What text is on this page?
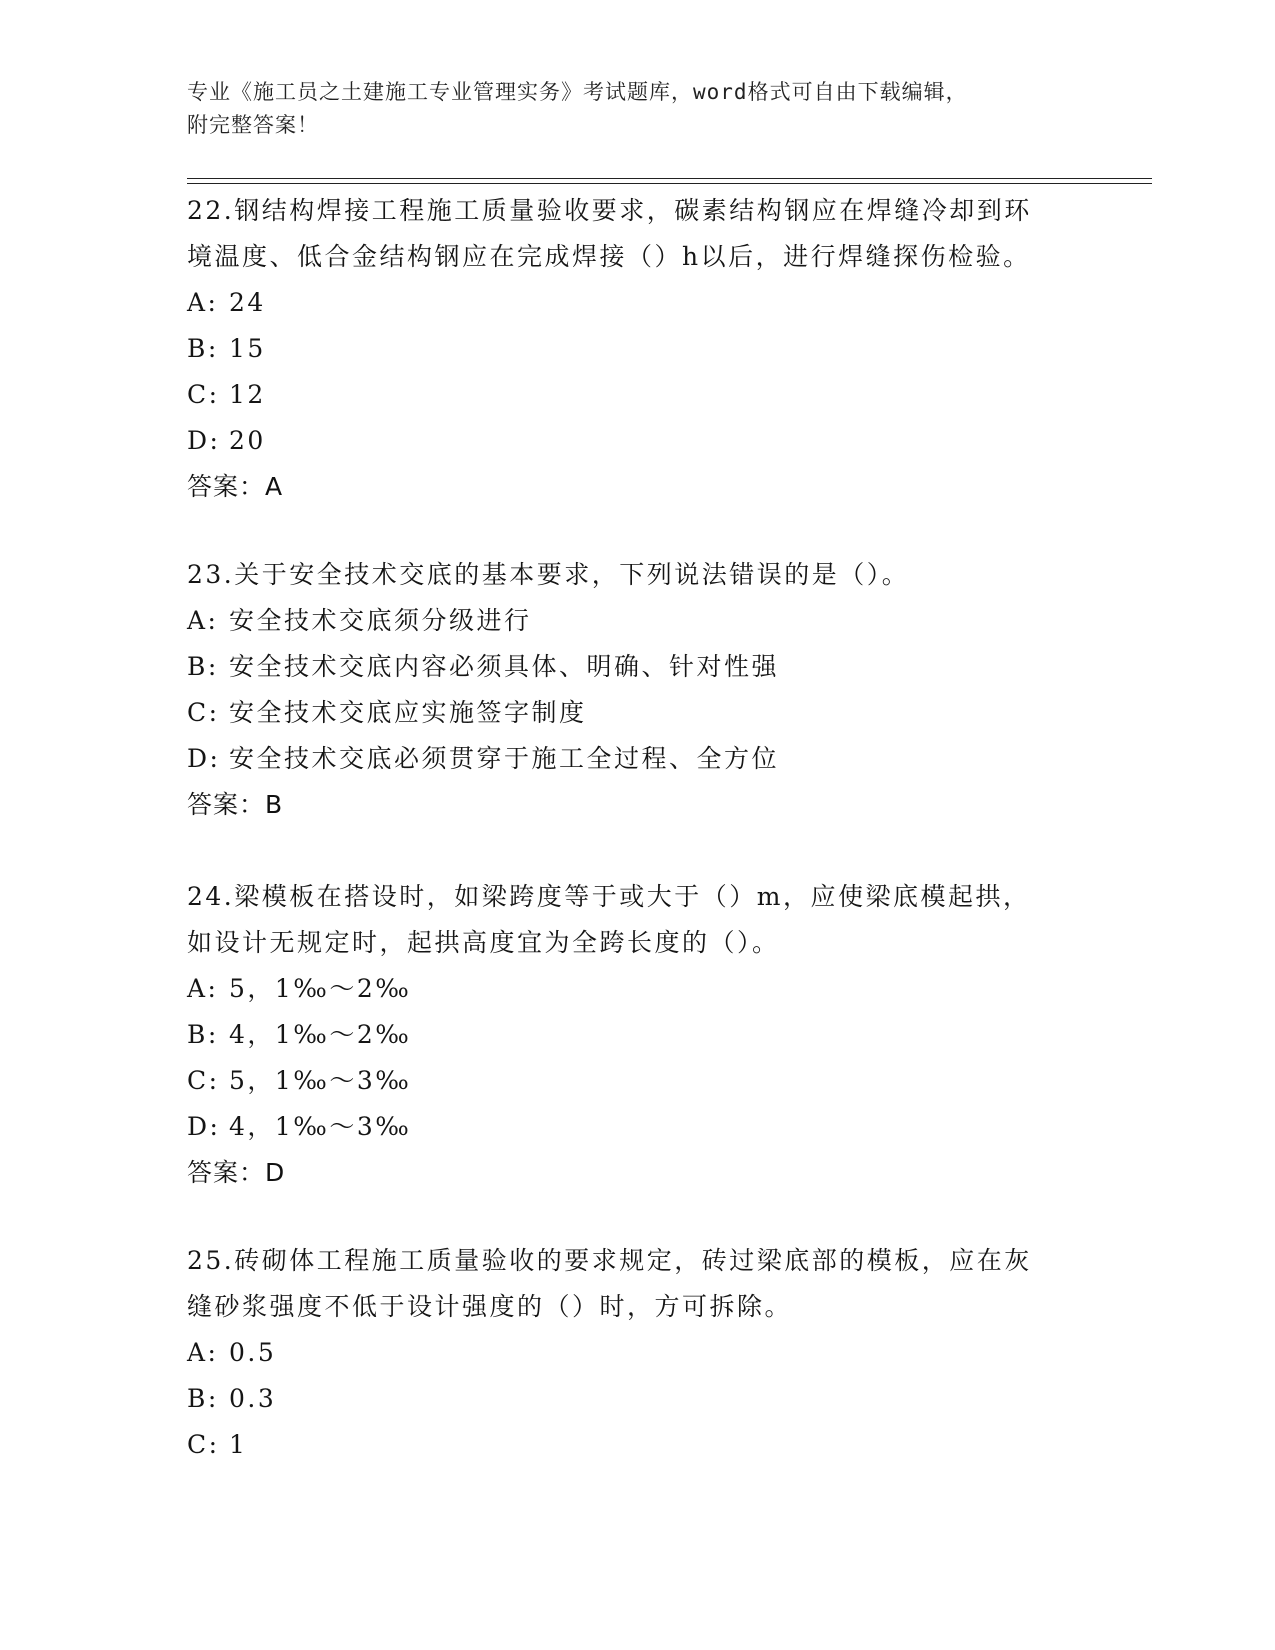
专业《施工员之土建施工专业管理实务》考试题库，word格式可自由下载编辑，
附完整答案！
22.钢结构焊接工程施工质量验收要求，碳素结构钢应在焊缝冷却到环
境温度、低合金结构钢应在完成焊接（）h以后，进行焊缝探伤检验。
A: 24
B: 15
C: 12
D: 20
答案：A
23.关于安全技术交底的基本要求，下列说法错误的是（）。
A: 安全技术交底须分级进行
B: 安全技术交底内容必须具体、明确、针对性强
C: 安全技术交底应实施签字制度
D: 安全技术交底必须贯穿于施工全过程、全方位
答案：B
24.梁模板在搭设时，如梁跨度等于或大于（）m，应使梁底模起拱，
如设计无规定时，起拱高度宜为全跨长度的（）。
A: 5，1‰～2‰
B: 4，1‰～2‰
C: 5，1‰～3‰
D: 4，1‰～3‰
答案：D
25.砖砌体工程施工质量验收的要求规定，砖过梁底部的模板，应在灰
缝砂浆强度不低于设计强度的（）时，方可拆除。
A: 0.5
B: 0.3
C: 1
